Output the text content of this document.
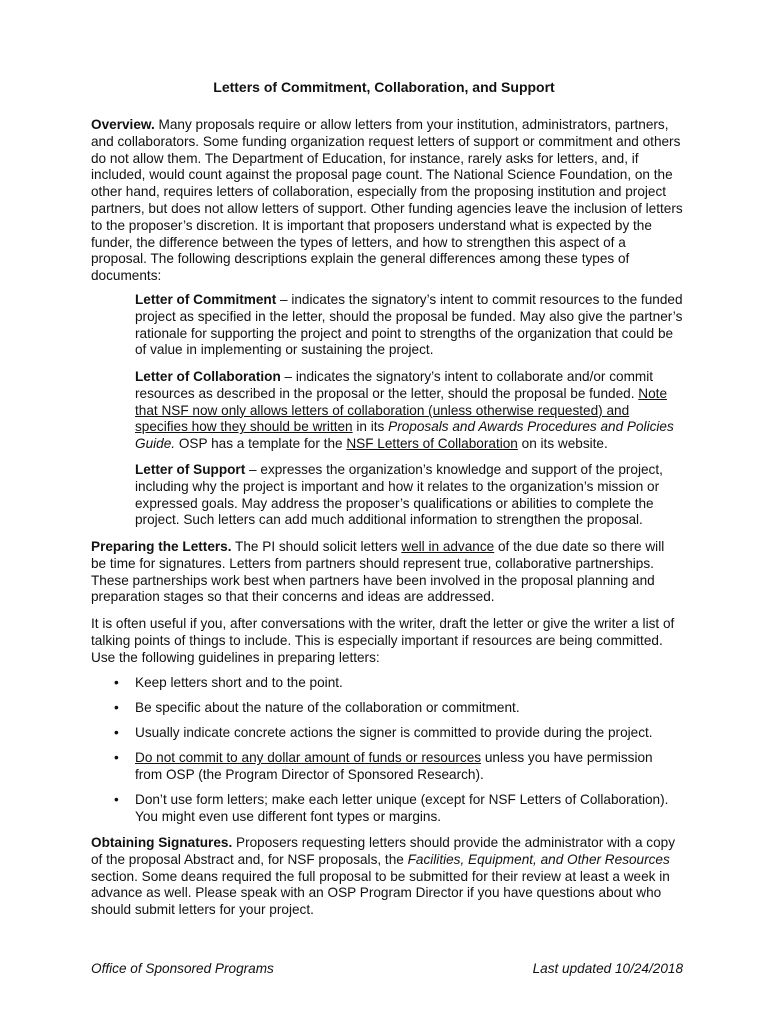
Letters of Commitment, Collaboration, and Support

Overview. Many proposals require or allow letters from your institution, administrators, partners, and collaborators. Some funding organization request letters of support or commitment and others do not allow them. The Department of Education, for instance, rarely asks for letters, and, if included, would count against the proposal page count. The National Science Foundation, on the other hand, requires letters of collaboration, especially from the proposing institution and project partners, but does not allow letters of support. Other funding agencies leave the inclusion of letters to the proposer’s discretion. It is important that proposers understand what is expected by the funder, the difference between the types of letters, and how to strengthen this aspect of a proposal. The following descriptions explain the general differences among these types of documents:

Letter of Commitment – indicates the signatory’s intent to commit resources to the funded project as specified in the letter, should the proposal be funded. May also give the partner’s rationale for supporting the project and point to strengths of the organization that could be of value in implementing or sustaining the project.

Letter of Collaboration – indicates the signatory’s intent to collaborate and/or commit resources as described in the proposal or the letter, should the proposal be funded. Note that NSF now only allows letters of collaboration (unless otherwise requested) and specifies how they should be written in its Proposals and Awards Procedures and Policies Guide. OSP has a template for the NSF Letters of Collaboration on its website.

Letter of Support – expresses the organization’s knowledge and support of the project, including why the project is important and how it relates to the organization’s mission or expressed goals. May address the proposer’s qualifications or abilities to complete the project. Such letters can add much additional information to strengthen the proposal.

Preparing the Letters. The PI should solicit letters well in advance of the due date so there will be time for signatures. Letters from partners should represent true, collaborative partnerships. These partnerships work best when partners have been involved in the proposal planning and preparation stages so that their concerns and ideas are addressed.

It is often useful if you, after conversations with the writer, draft the letter or give the writer a list of talking points of things to include. This is especially important if resources are being committed. Use the following guidelines in preparing letters:

• Keep letters short and to the point.
• Be specific about the nature of the collaboration or commitment.
• Usually indicate concrete actions the signer is committed to provide during the project.
• Do not commit to any dollar amount of funds or resources unless you have permission from OSP (the Program Director of Sponsored Research).
• Don’t use form letters; make each letter unique (except for NSF Letters of Collaboration). You might even use different font types or margins.

Obtaining Signatures. Proposers requesting letters should provide the administrator with a copy of the proposal Abstract and, for NSF proposals, the Facilities, Equipment, and Other Resources section. Some deans required the full proposal to be submitted for their review at least a week in advance as well. Please speak with an OSP Program Director if you have questions about who should submit letters for your project.

Office of Sponsored Programs	Last updated 10/24/2018
